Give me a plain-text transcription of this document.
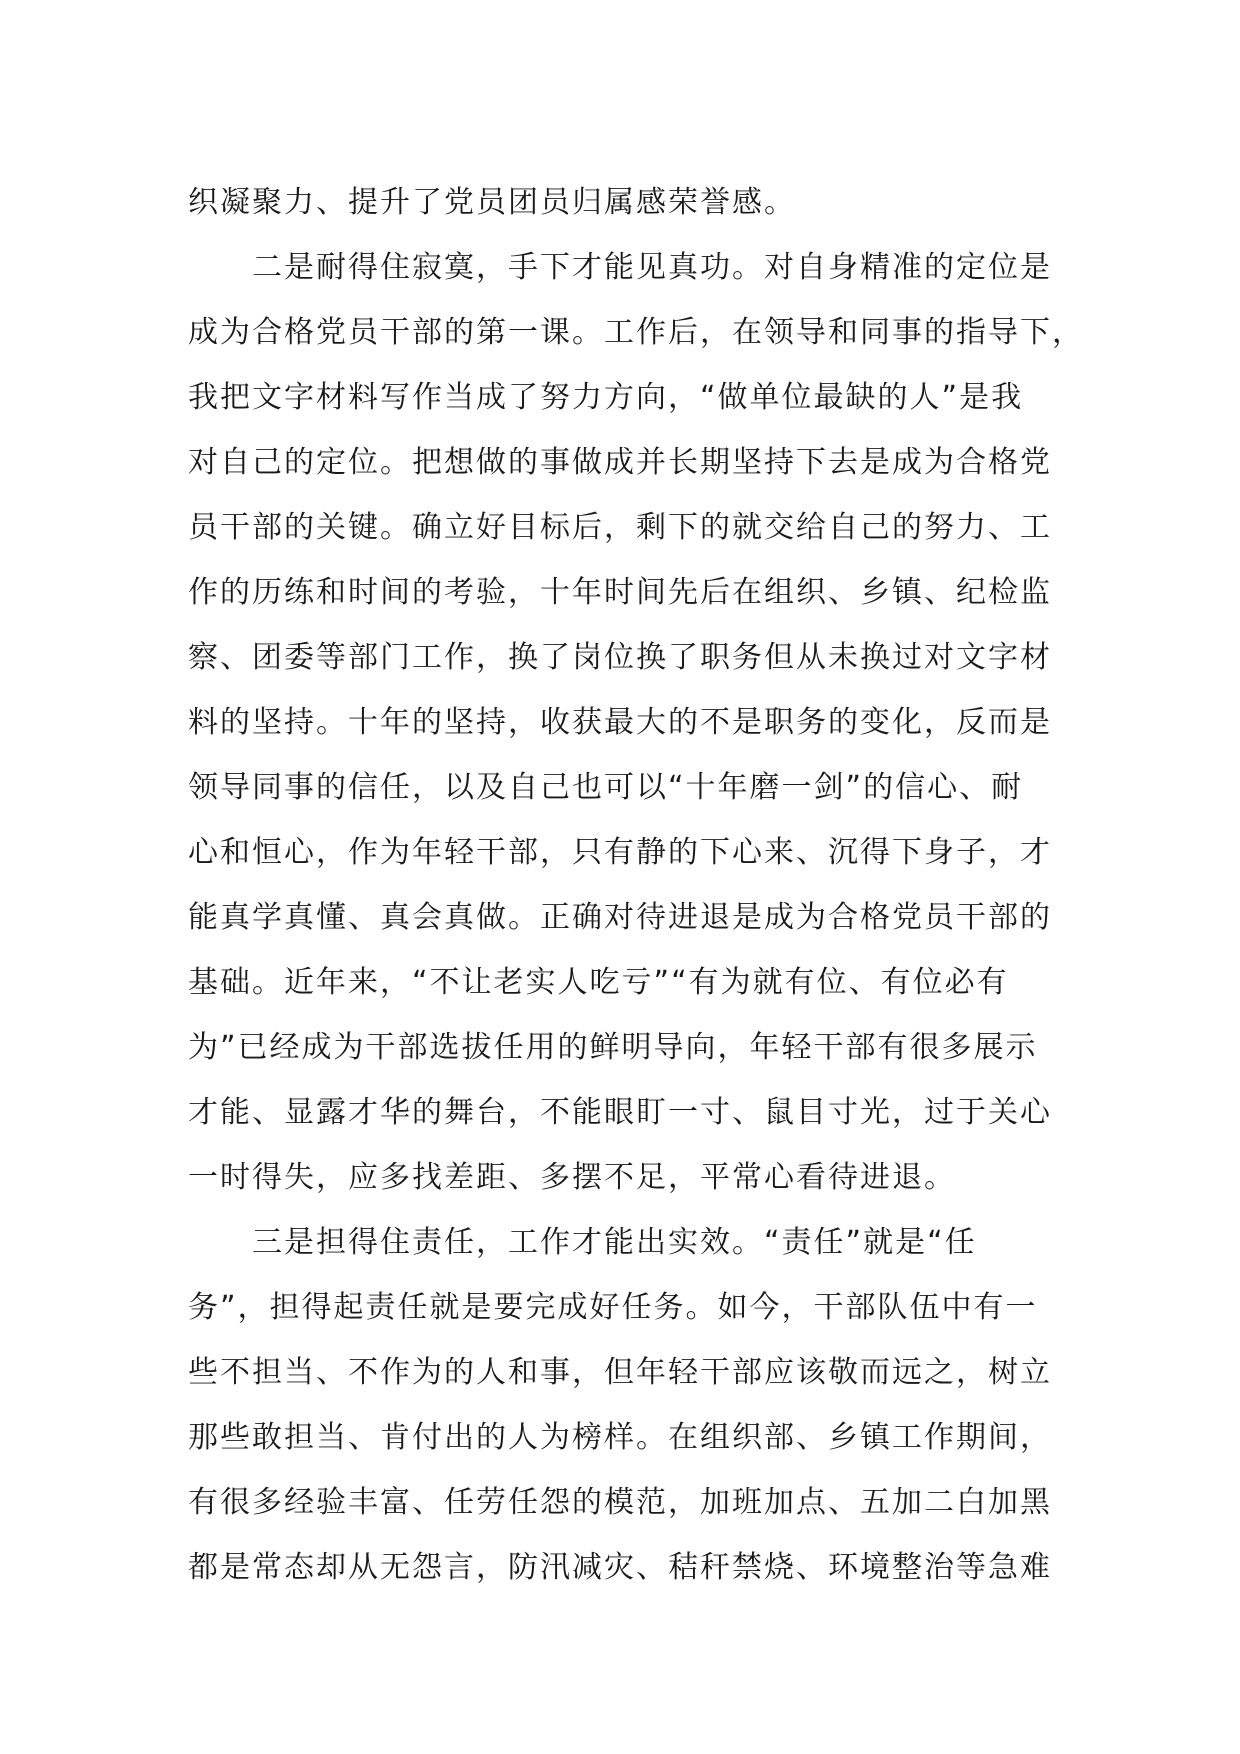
织凝聚力、提升了党员团员归属感荣誉感。
二是耐得住寂寞，手下才能见真功。对自身精准的定位是
成为合格党员干部的第一课。工作后，在领导和同事的指导下，
我把文字材料写作当成了努力方向，“做单位最缺的人”是我
对自己的定位。把想做的事做成并长期坚持下去是成为合格党
员干部的关键。确立好目标后，剩下的就交给自己的努力、工
作的历练和时间的考验，十年时间先后在组织、乡镇、纪检监
察、团委等部门工作，换了岗位换了职务但从未换过对文字材
料的坚持。十年的坚持，收获最大的不是职务的变化，反而是
领导同事的信任，以及自己也可以“十年磨一剑”的信心、耐
心和恒心，作为年轻干部，只有静的下心来、沉得下身子，才
能真学真懂、真会真做。正确对待进退是成为合格党员干部的
基础。近年来，“不让老实人吃亏”“有为就有位、有位必有
为”已经成为干部选拔任用的鲜明导向，年轻干部有很多展示
才能、显露才华的舞台，不能眼盯一寸、鼠目寸光，过于关心
一时得失，应多找差距、多摆不足，平常心看待进退。
三是担得住责任，工作才能出实效。“责任”就是“任
务”，担得起责任就是要完成好任务。如今，干部队伍中有一
些不担当、不作为的人和事，但年轻干部应该敬而远之，树立
那些敢担当、肯付出的人为榜样。在组织部、乡镇工作期间，
有很多经验丰富、任劳任怨的模范，加班加点、五加二白加黑
都是常态却从无怨言，防汛减灾、秸秆禁烧、环境整治等急难
